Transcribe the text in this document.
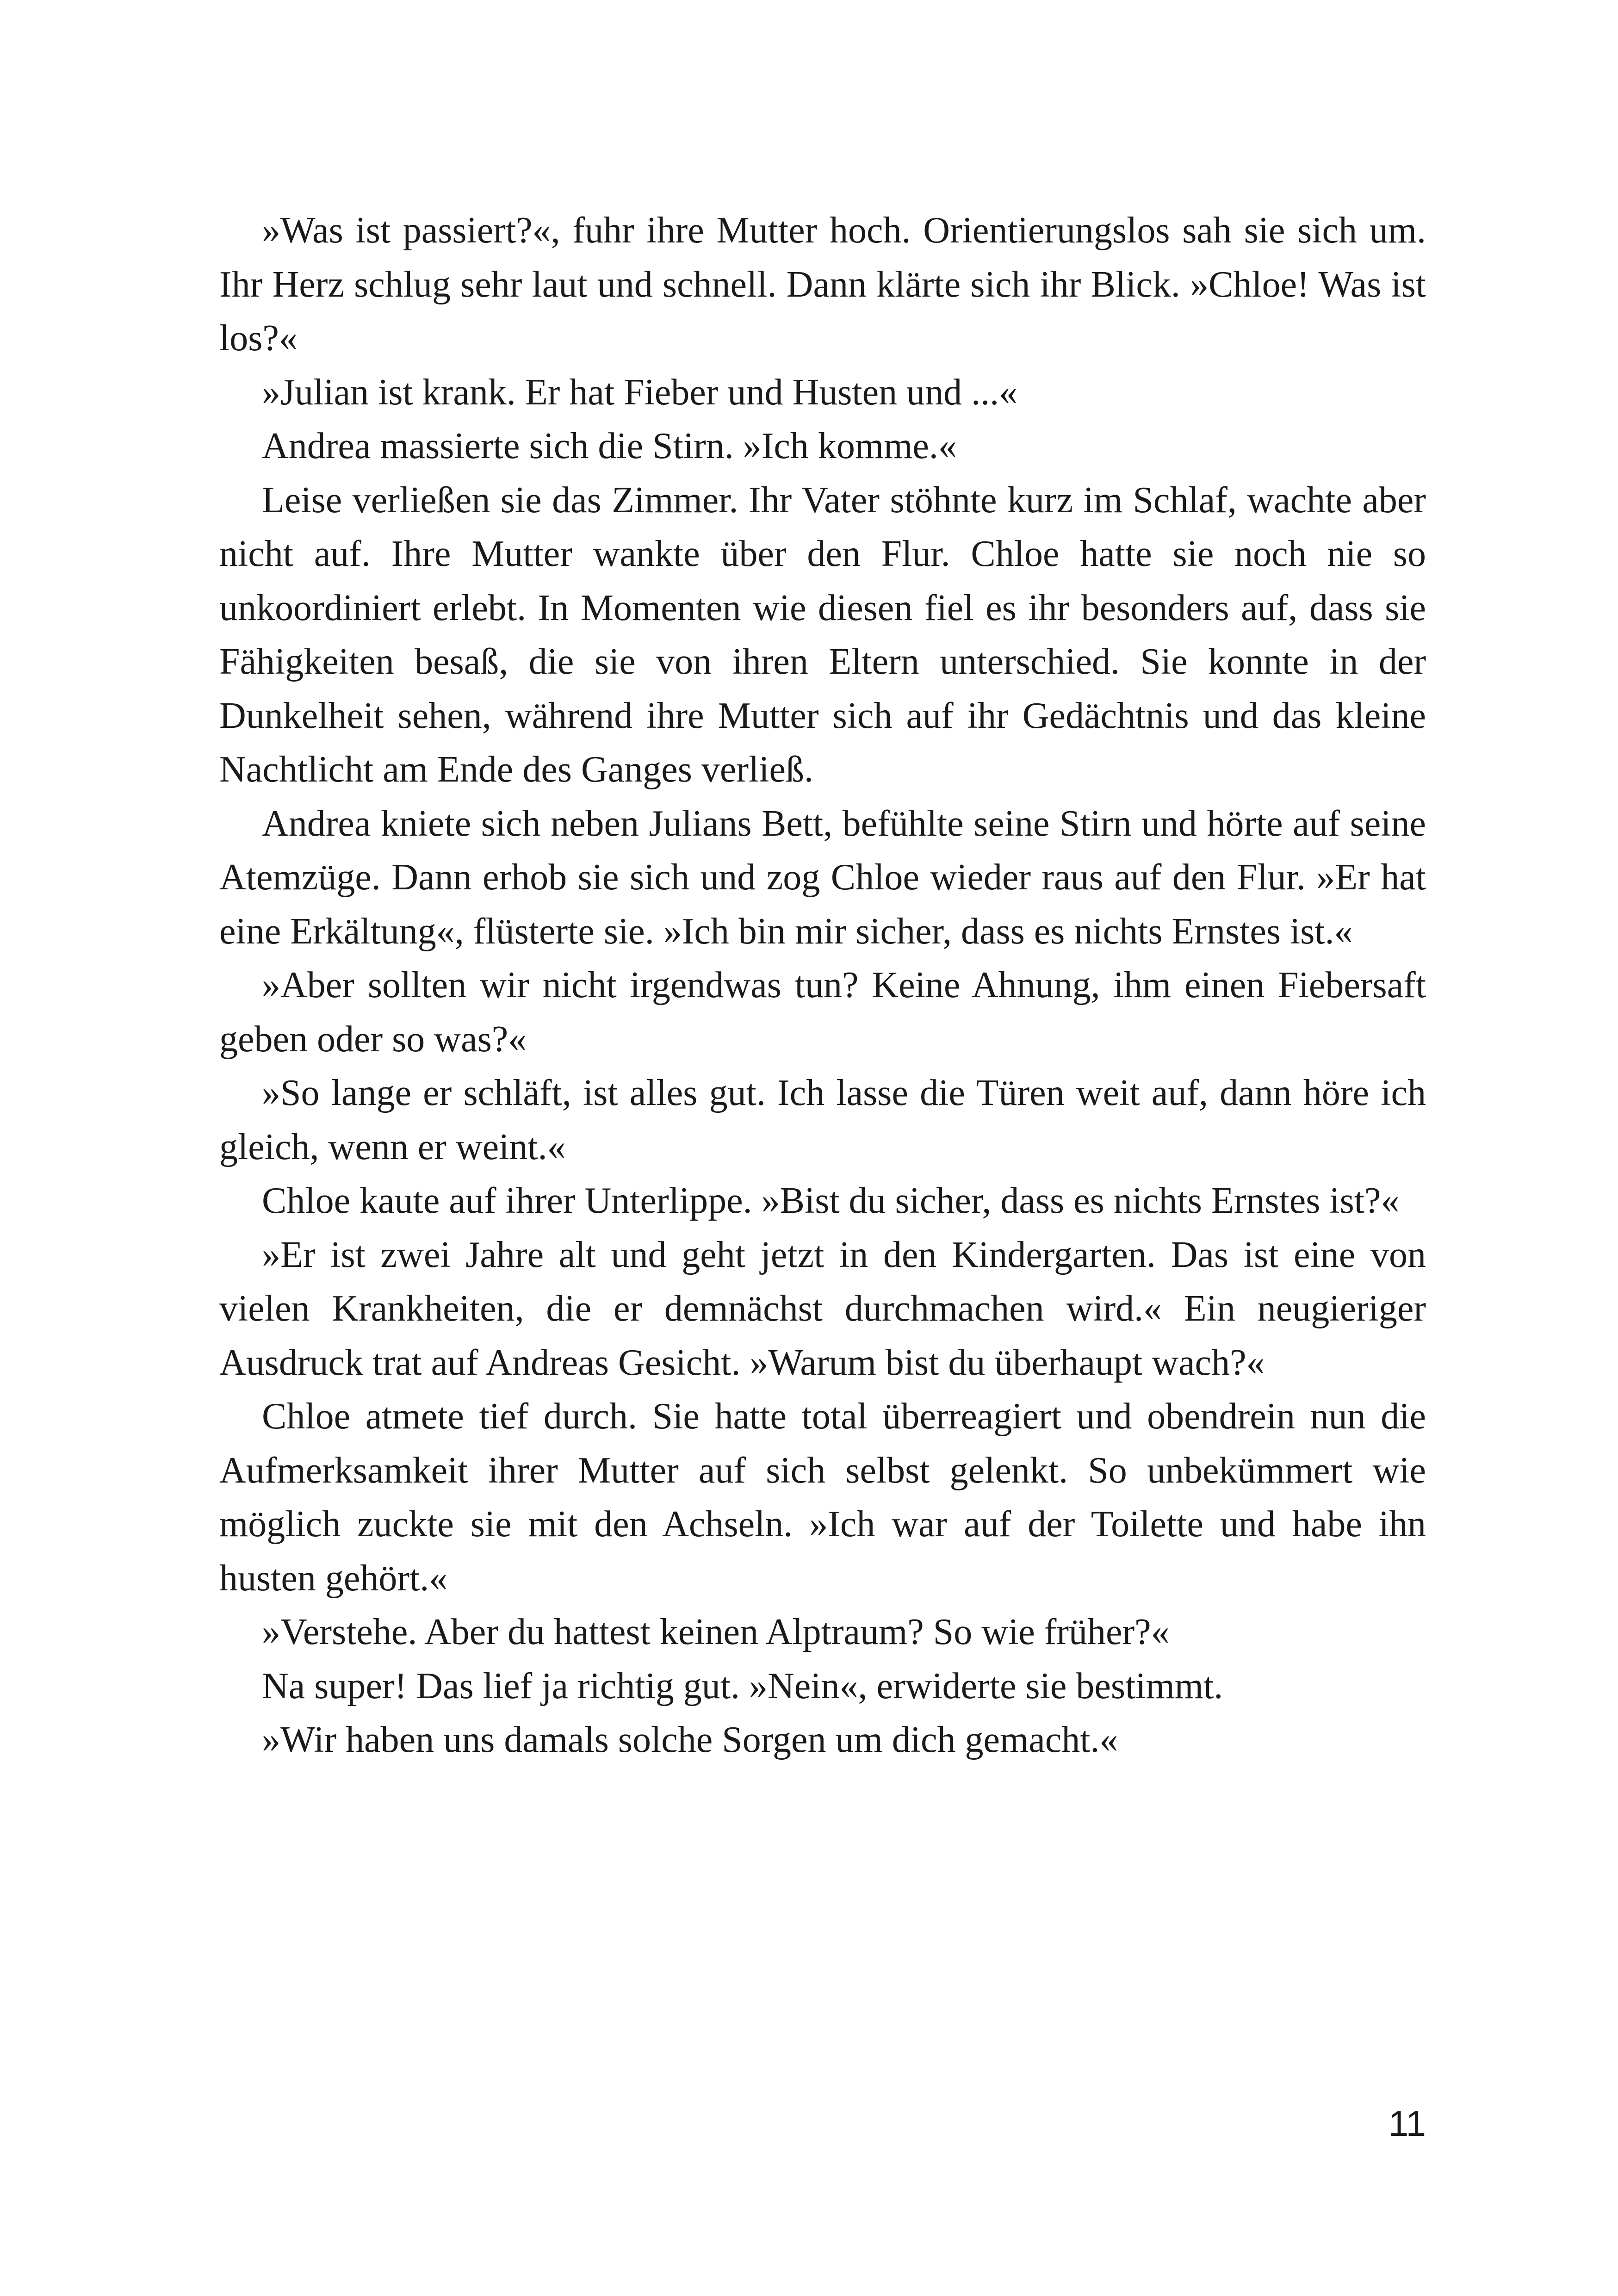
»Was ist passiert?«, fuhr ihre Mutter hoch. Orientierungslos sah sie sich um. Ihr Herz schlug sehr laut und schnell. Dann klärte sich ihr Blick. »Chloe! Was ist los?«

»Julian ist krank. Er hat Fieber und Husten und ...«

Andrea massierte sich die Stirn. »Ich komme.«

Leise verließen sie das Zimmer. Ihr Vater stöhnte kurz im Schlaf, wachte aber nicht auf. Ihre Mutter wankte über den Flur. Chloe hatte sie noch nie so unkoordiniert erlebt. In Momenten wie diesen fiel es ihr besonders auf, dass sie Fähigkeiten besaß, die sie von ihren Eltern unterschied. Sie konnte in der Dunkelheit sehen, während ihre Mutter sich auf ihr Gedächtnis und das kleine Nachtlicht am Ende des Ganges verließ.

Andrea kniete sich neben Julians Bett, befühlte seine Stirn und hörte auf seine Atemzüge. Dann erhob sie sich und zog Chloe wieder raus auf den Flur. »Er hat eine Erkältung«, flüsterte sie. »Ich bin mir sicher, dass es nichts Ernstes ist.«

»Aber sollten wir nicht irgendwas tun? Keine Ahnung, ihm einen Fiebersaft geben oder so was?«

»So lange er schläft, ist alles gut. Ich lasse die Türen weit auf, dann höre ich gleich, wenn er weint.«

Chloe kaute auf ihrer Unterlippe. »Bist du sicher, dass es nichts Ernstes ist?«

»Er ist zwei Jahre alt und geht jetzt in den Kindergarten. Das ist eine von vielen Krankheiten, die er demnächst durchmachen wird.« Ein neugieriger Ausdruck trat auf Andreas Gesicht. »Warum bist du überhaupt wach?«

Chloe atmete tief durch. Sie hatte total überreagiert und obendrein nun die Aufmerksamkeit ihrer Mutter auf sich selbst gelenkt. So unbekümmert wie möglich zuckte sie mit den Achseln. »Ich war auf der Toilette und habe ihn husten gehört.«

»Verstehe. Aber du hattest keinen Alptraum? So wie früher?«

Na super! Das lief ja richtig gut. »Nein«, erwiderte sie bestimmt.

»Wir haben uns damals solche Sorgen um dich gemacht.«

11
